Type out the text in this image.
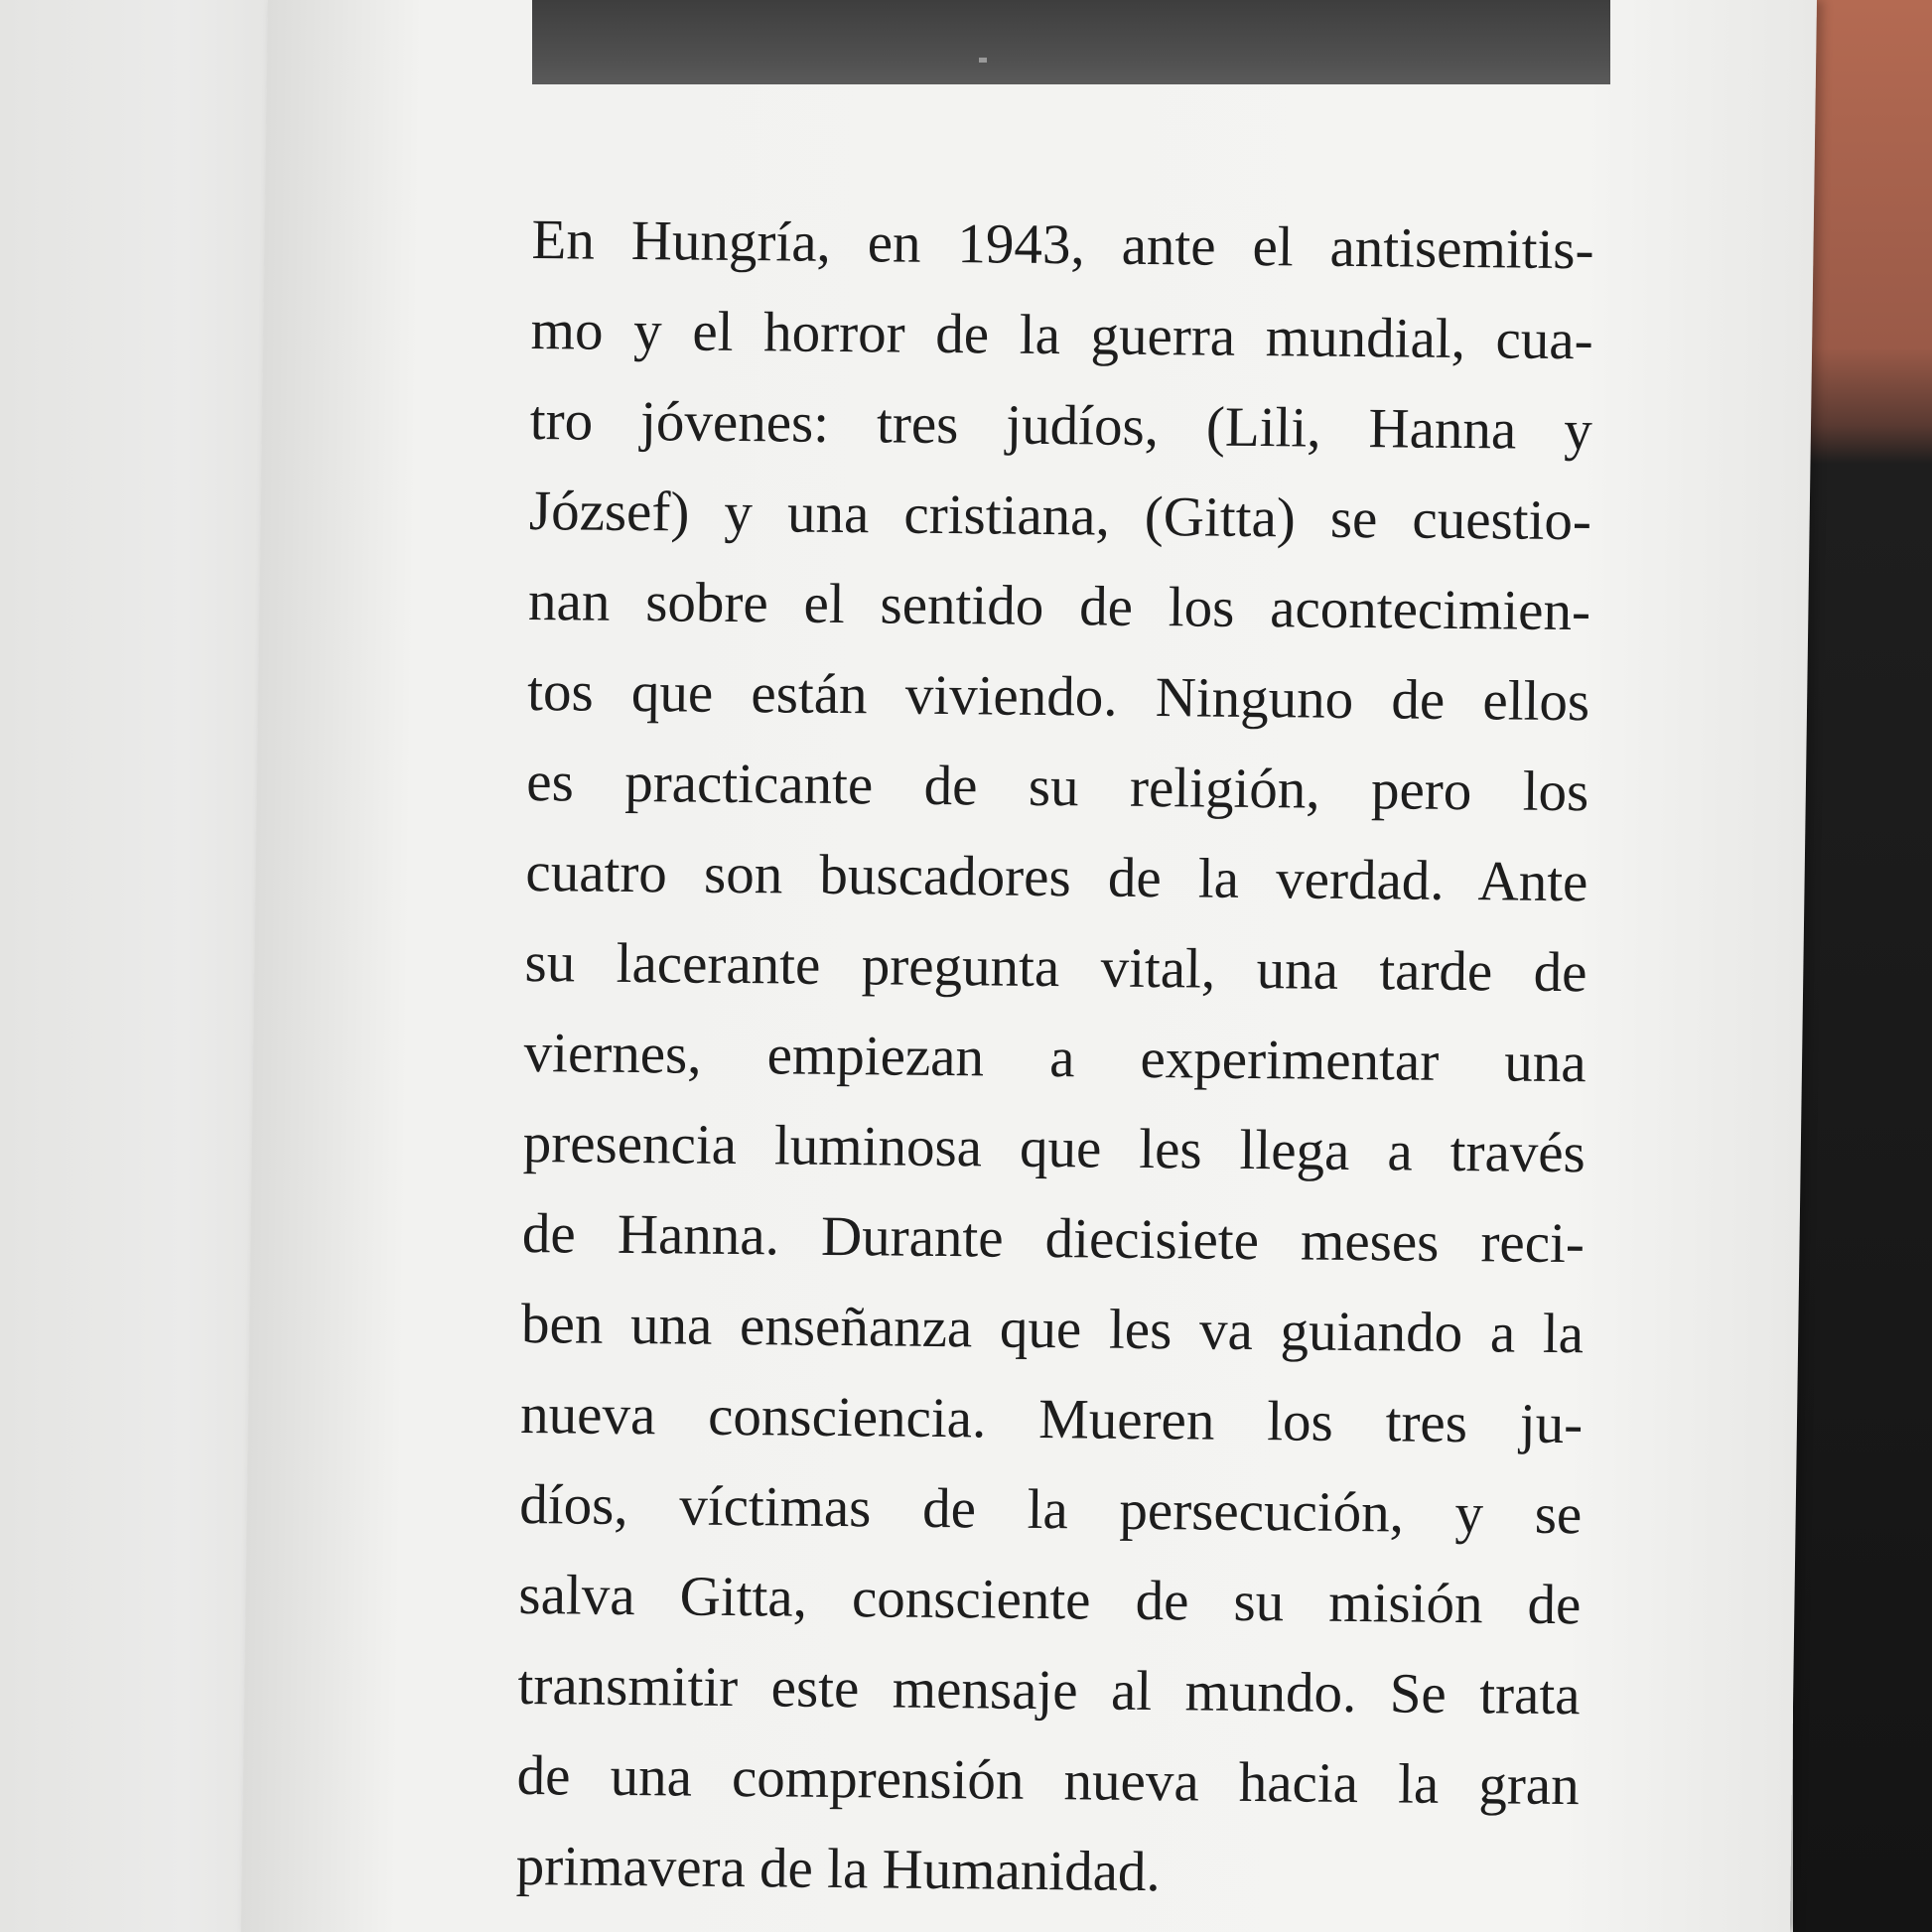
En Hungría, en 1943, ante el antisemitis-
mo y el horror de la guerra mundial, cua-
tro jóvenes: tres judíos, (Lili, Hanna y
József) y una cristiana, (Gitta) se cuestio-
nan sobre el sentido de los acontecimien-
tos que están viviendo. Ninguno de ellos
es practicante de su religión, pero los
cuatro son buscadores de la verdad. Ante
su lacerante pregunta vital, una tarde de
viernes, empiezan a experimentar una
presencia luminosa que les llega a través
de Hanna. Durante diecisiete meses reci-
ben una enseñanza que les va guiando a la
nueva consciencia. Mueren los tres ju-
díos, víctimas de la persecución, y se
salva Gitta, consciente de su misión de
transmitir este mensaje al mundo. Se trata
de una comprensión nueva hacia la gran
primavera de la Humanidad.
